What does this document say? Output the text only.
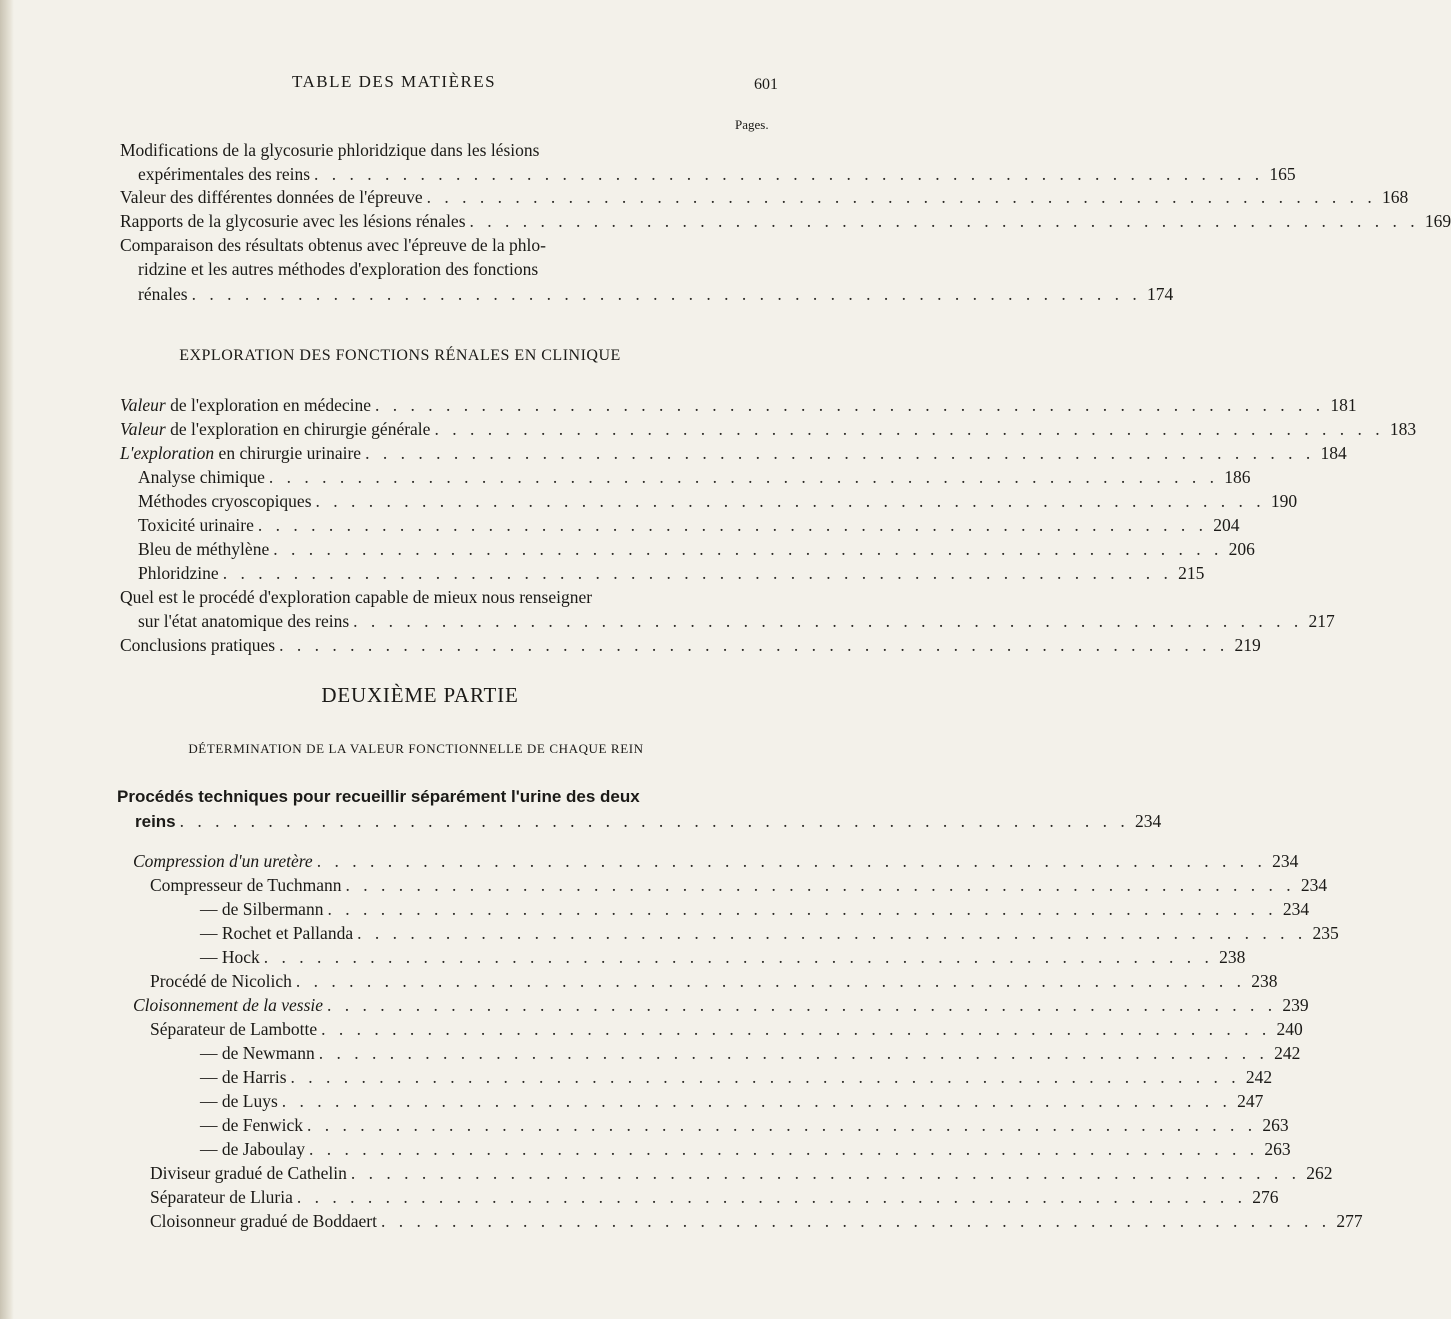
TABLE DES MATIÈRES	601
Pages.
Modifications de la glycosurie phloridzique dans les lésions
expérimentales des reins . . . . . . . . . . . . . . . . . . . . . . . . . . . . . . . . . . . . . . . . . . . . . . . . . . . . . . 165
Valeur des différentes données de l'épreuve . . . . . . . . . . . . . . . . . . . . . . . . . . . . . . . . . . . . . . . . . . . . . . . . . . . . . . 168
Rapports de la glycosurie avec les lésions rénales . . . . . . . . . . . . . . . . . . . . . . . . . . . . . . . . . . . . . . . . . . . . . . . . . . . . . . 169
Comparaison des résultats obtenus avec l'épreuve de la phlo-
ridzine et les autres méthodes d'exploration des fonctions
rénales . . . . . . . . . . . . . . . . . . . . . . . . . . . . . . . . . . . . . . . . . . . . . . . . . . . . . . 174
EXPLORATION DES FONCTIONS RÉNALES EN CLINIQUE
Valeur de l'exploration en médecine . . . . . . . . . . . . . . . . . . . . . . . . . . . . . . . . . . . . . . . . . . . . . . . . . . . . . . 181
Valeur de l'exploration en chirurgie générale . . . . . . . . . . . . . . . . . . . . . . . . . . . . . . . . . . . . . . . . . . . . . . . . . . . . . . 183
L'exploration en chirurgie urinaire . . . . . . . . . . . . . . . . . . . . . . . . . . . . . . . . . . . . . . . . . . . . . . . . . . . . . . 184
Analyse chimique . . . . . . . . . . . . . . . . . . . . . . . . . . . . . . . . . . . . . . . . . . . . . . . . . . . . . . 186
Méthodes cryoscopiques . . . . . . . . . . . . . . . . . . . . . . . . . . . . . . . . . . . . . . . . . . . . . . . . . . . . . . 190
Toxicité urinaire . . . . . . . . . . . . . . . . . . . . . . . . . . . . . . . . . . . . . . . . . . . . . . . . . . . . . . 204
Bleu de méthylène . . . . . . . . . . . . . . . . . . . . . . . . . . . . . . . . . . . . . . . . . . . . . . . . . . . . . . 206
Phloridzine . . . . . . . . . . . . . . . . . . . . . . . . . . . . . . . . . . . . . . . . . . . . . . . . . . . . . . 215
Quel est le procédé d'exploration capable de mieux nous renseigner
sur l'état anatomique des reins . . . . . . . . . . . . . . . . . . . . . . . . . . . . . . . . . . . . . . . . . . . . . . . . . . . . . . 217
Conclusions pratiques . . . . . . . . . . . . . . . . . . . . . . . . . . . . . . . . . . . . . . . . . . . . . . . . . . . . . . 219
DEUXIÈME PARTIE
DÉTERMINATION DE LA VALEUR FONCTIONNELLE DE CHAQUE REIN
Procédés techniques pour recueillir séparément l'urine des deux
reins . . . . . . . . . . . . . . . . . . . . . . . . . . . . . . . . . . . . . . . . . . . . . . . . . . . . . . 234
Compression d'un uretère . . . . . . . . . . . . . . . . . . . . . . . . . . . . . . . . . . . . . . . . . . . . . . . . . . . . . . 234
Compresseur de Tuchmann . . . . . . . . . . . . . . . . . . . . . . . . . . . . . . . . . . . . . . . . . . . . . . . . . . . . . . 234
— de Silbermann . . . . . . . . . . . . . . . . . . . . . . . . . . . . . . . . . . . . . . . . . . . . . . . . . . . . . . 234
— Rochet et Pallanda . . . . . . . . . . . . . . . . . . . . . . . . . . . . . . . . . . . . . . . . . . . . . . . . . . . . . . 235
— Hock . . . . . . . . . . . . . . . . . . . . . . . . . . . . . . . . . . . . . . . . . . . . . . . . . . . . . . 238
Procédé de Nicolich . . . . . . . . . . . . . . . . . . . . . . . . . . . . . . . . . . . . . . . . . . . . . . . . . . . . . . 238
Cloisonnement de la vessie . . . . . . . . . . . . . . . . . . . . . . . . . . . . . . . . . . . . . . . . . . . . . . . . . . . . . . 239
Séparateur de Lambotte . . . . . . . . . . . . . . . . . . . . . . . . . . . . . . . . . . . . . . . . . . . . . . . . . . . . . . 240
— de Newmann . . . . . . . . . . . . . . . . . . . . . . . . . . . . . . . . . . . . . . . . . . . . . . . . . . . . . . 242
— de Harris . . . . . . . . . . . . . . . . . . . . . . . . . . . . . . . . . . . . . . . . . . . . . . . . . . . . . . 242
— de Luys . . . . . . . . . . . . . . . . . . . . . . . . . . . . . . . . . . . . . . . . . . . . . . . . . . . . . . 247
— de Fenwick . . . . . . . . . . . . . . . . . . . . . . . . . . . . . . . . . . . . . . . . . . . . . . . . . . . . . . 263
— de Jaboulay . . . . . . . . . . . . . . . . . . . . . . . . . . . . . . . . . . . . . . . . . . . . . . . . . . . . . . 263
Diviseur gradué de Cathelin . . . . . . . . . . . . . . . . . . . . . . . . . . . . . . . . . . . . . . . . . . . . . . . . . . . . . . 262
Séparateur de Lluria . . . . . . . . . . . . . . . . . . . . . . . . . . . . . . . . . . . . . . . . . . . . . . . . . . . . . . 276
Cloisonneur gradué de Boddaert . . . . . . . . . . . . . . . . . . . . . . . . . . . . . . . . . . . . . . . . . . . . . . . . . . . . . . 277
